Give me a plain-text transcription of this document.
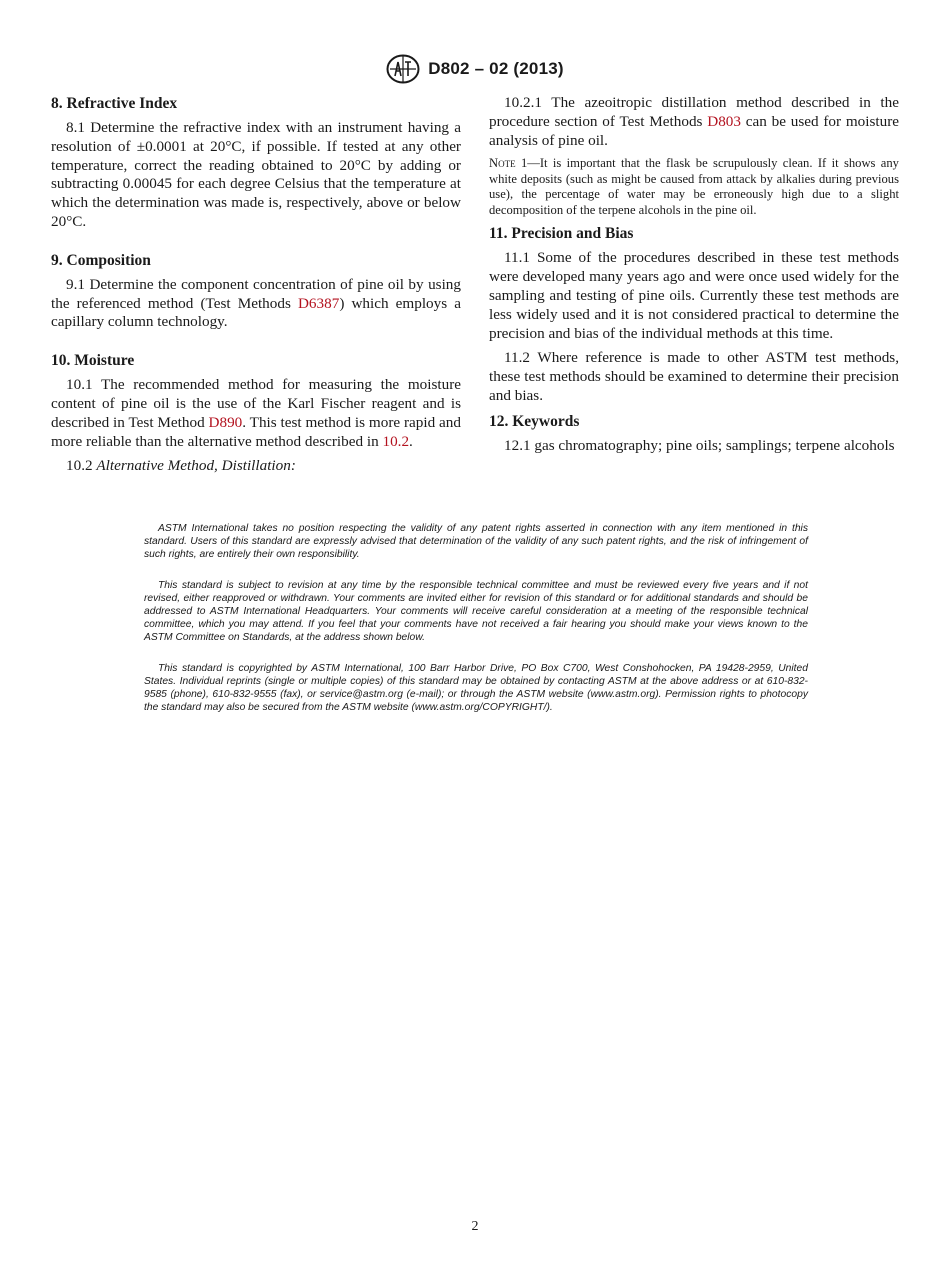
D802 – 02 (2013)
8. Refractive Index

8.1 Determine the refractive index with an instrument having a resolution of ±0.0001 at 20°C, if possible. If tested at any other temperature, correct the reading obtained to 20°C by adding or subtracting 0.00045 for each degree Celsius that the temperature at which the determination was made is, respectively, above or below 20°C.

9. Composition

9.1 Determine the component concentration of pine oil by using the referenced method (Test Methods D6387) which employs a capillary column technology.

10. Moisture

10.1 The recommended method for measuring the moisture content of pine oil is the use of the Karl Fischer reagent and is described in Test Method D890. This test method is more rapid and more reliable than the alternative method described in 10.2.

10.2 Alternative Method, Distillation:

10.2.1 The azeoitropic distillation method described in the procedure section of Test Methods D803 can be used for moisture analysis of pine oil.

Note 1—It is important that the flask be scrupulously clean. If it shows any white deposits (such as might be caused from attack by alkalies during previous use), the percentage of water may be erroneously high due to a slight decomposition of the terpene alcohols in the pine oil.

11. Precision and Bias

11.1 Some of the procedures described in these test methods were developed many years ago and were once used widely for the sampling and testing of pine oils. Currently these test methods are less widely used and it is not considered practical to determine the precision and bias of the individual methods at this time.

11.2 Where reference is made to other ASTM test methods, these test methods should be examined to determine their precision and bias.

12. Keywords

12.1 gas chromatography; pine oils; samplings; terpene alcohols

ASTM International takes no position respecting the validity of any patent rights asserted in connection with any item mentioned in this standard. Users of this standard are expressly advised that determination of the validity of any such patent rights, and the risk of infringement of such rights, are entirely their own responsibility.

This standard is subject to revision at any time by the responsible technical committee and must be reviewed every five years and if not revised, either reapproved or withdrawn. Your comments are invited either for revision of this standard or for additional standards and should be addressed to ASTM International Headquarters. Your comments will receive careful consideration at a meeting of the responsible technical committee, which you may attend. If you feel that your comments have not received a fair hearing you should make your views known to the ASTM Committee on Standards, at the address shown below.

This standard is copyrighted by ASTM International, 100 Barr Harbor Drive, PO Box C700, West Conshohocken, PA 19428-2959, United States. Individual reprints (single or multiple copies) of this standard may be obtained by contacting ASTM at the above address or at 610-832-9585 (phone), 610-832-9555 (fax), or service@astm.org (e-mail); or through the ASTM website (www.astm.org). Permission rights to photocopy the standard may also be secured from the ASTM website (www.astm.org/COPYRIGHT/).

2
